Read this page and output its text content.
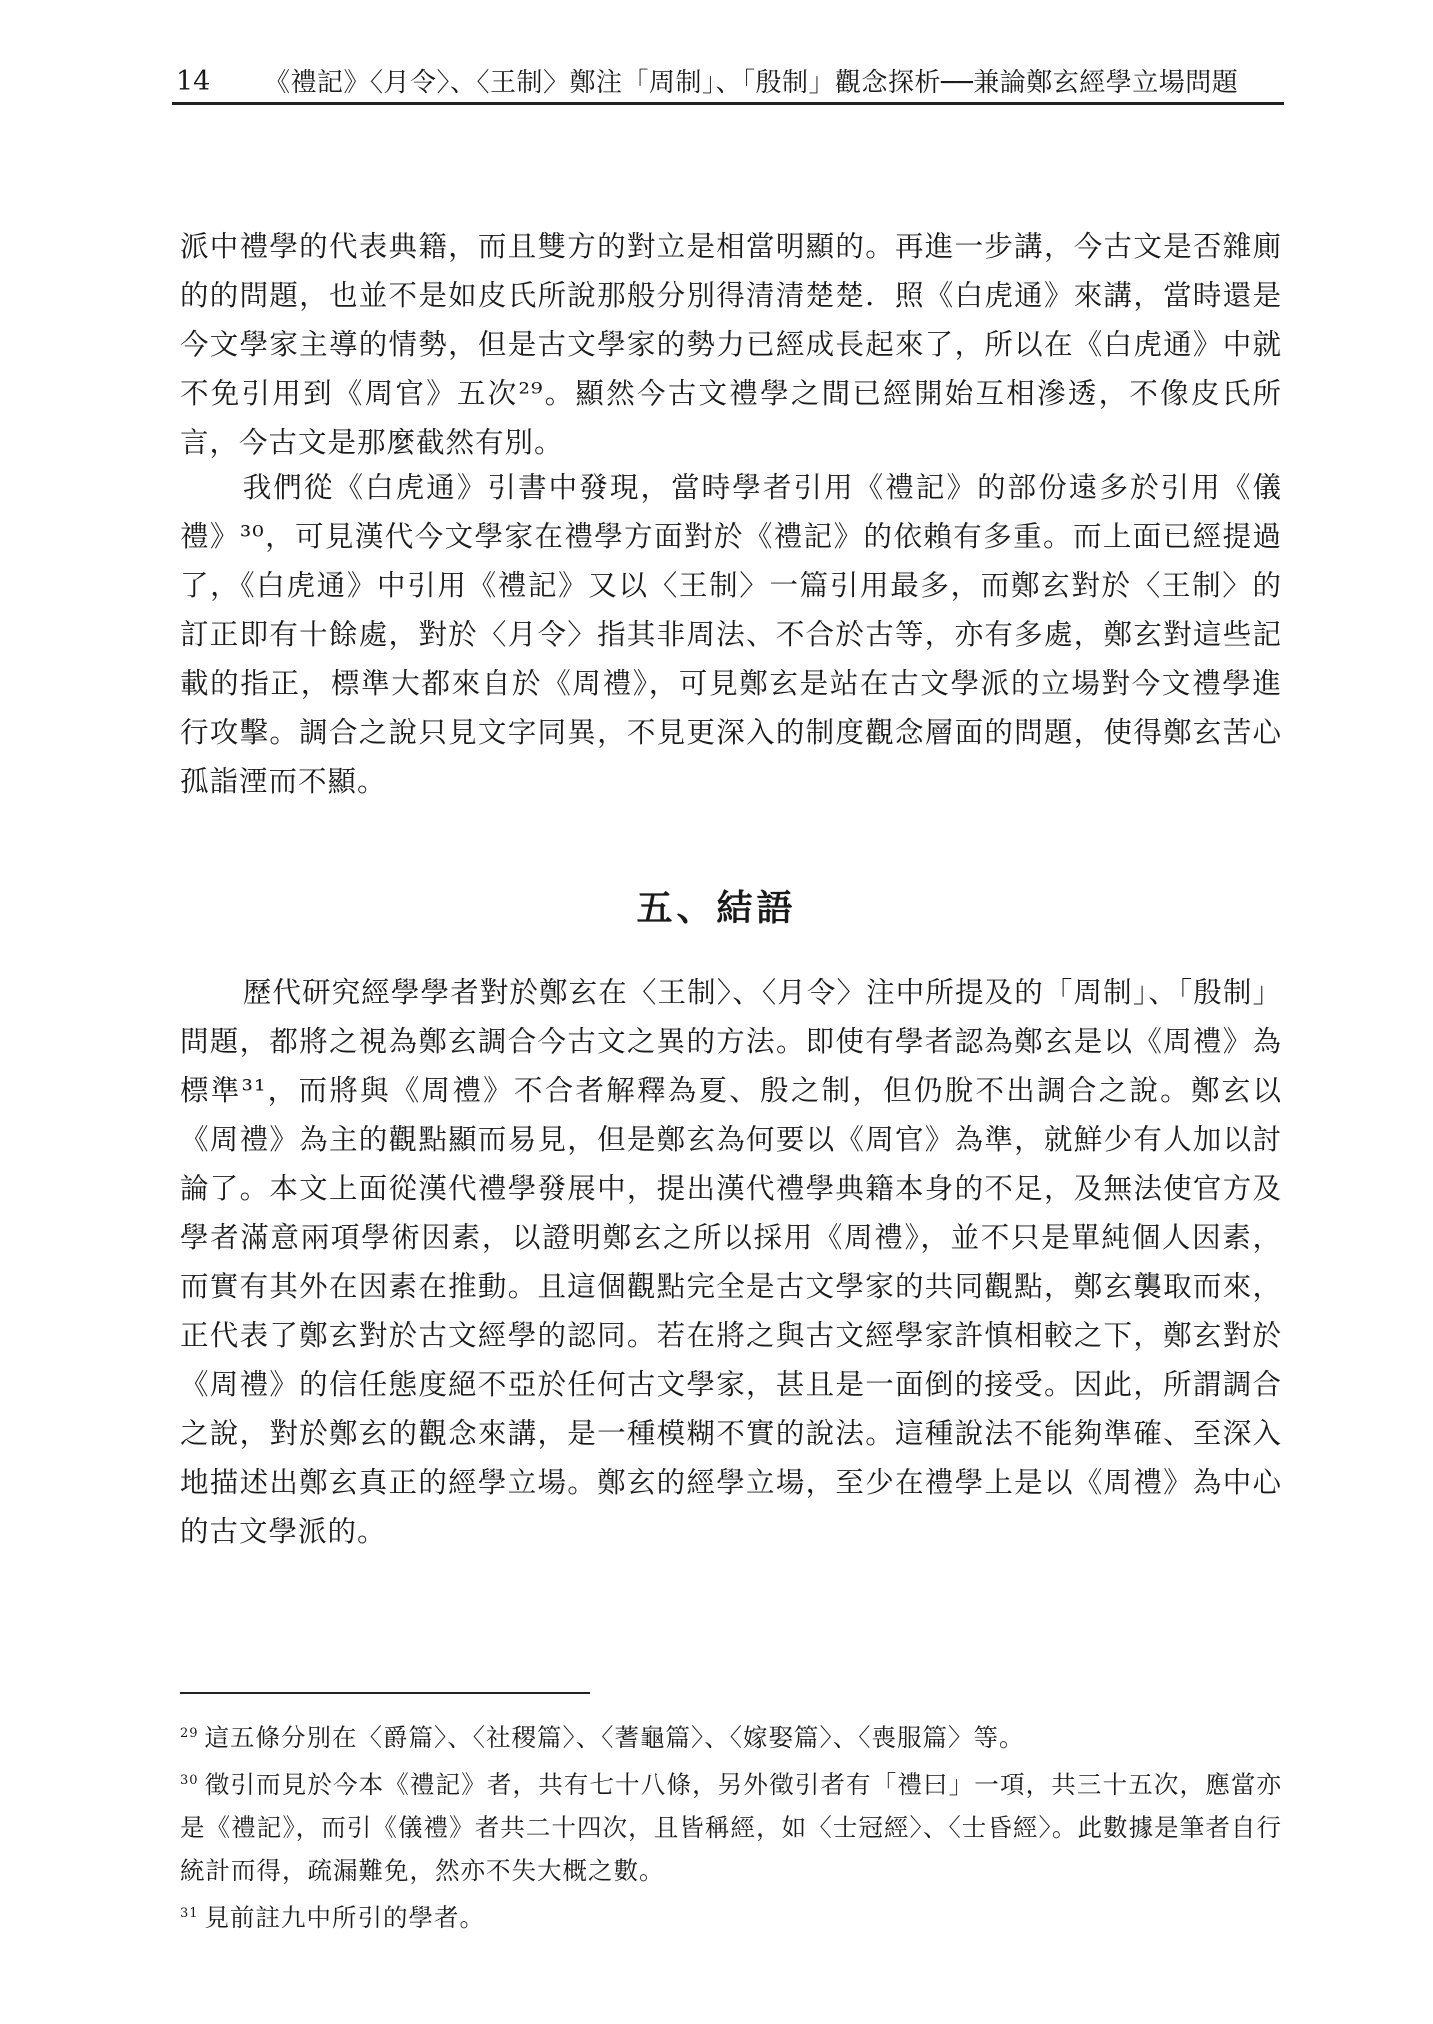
14 《禮記》〈月令〉、〈王制〉鄭注「周制」、「殷制」觀念探析──兼論鄭玄經學立場問題
派中禮學的代表典籍，而且雙方的對立是相當明顯的。再進一步講，今古文是否雜廁的的問題，也並不是如皮氏所說那般分別得清清楚楚．照《白虎通》來講，當時還是今文學家主導的情勢，但是古文學家的勢力已經成長起來了，所以在《白虎通》中就不免引用到《周官》五次²⁹。顯然今古文禮學之間已經開始互相滲透，不像皮氏所言，今古文是那麼截然有別。
我們從《白虎通》引書中發現，當時學者引用《禮記》的部份遠多於引用《儀禮》³⁰，可見漢代今文學家在禮學方面對於《禮記》的依賴有多重。而上面已經提過了，《白虎通》中引用《禮記》又以〈王制〉一篇引用最多，而鄭玄對於〈王制〉的訂正即有十餘處，對於〈月令〉指其非周法、不合於古等，亦有多處，鄭玄對這些記載的指正，標準大都來自於《周禮》，可見鄭玄是站在古文學派的立場對今文禮學進行攻擊。調合之說只見文字同異，不見更深入的制度觀念層面的問題，使得鄭玄苦心孤詣湮而不顯。
五、結語
歷代研究經學學者對於鄭玄在〈王制〉、〈月令〉注中所提及的「周制」、「殷制」問題，都將之視為鄭玄調合今古文之異的方法。即使有學者認為鄭玄是以《周禮》為標準³¹，而將與《周禮》不合者解釋為夏、殷之制，但仍脫不出調合之說。鄭玄以《周禮》為主的觀點顯而易見，但是鄭玄為何要以《周官》為準，就鮮少有人加以討論了。本文上面從漢代禮學發展中，提出漢代禮學典籍本身的不足，及無法使官方及學者滿意兩項學術因素，以證明鄭玄之所以採用《周禮》，並不只是單純個人因素，而實有其外在因素在推動。且這個觀點完全是古文學家的共同觀點，鄭玄襲取而來，正代表了鄭玄對於古文經學的認同。若在將之與古文經學家許慎相較之下，鄭玄對於《周禮》的信任態度絕不亞於任何古文學家，甚且是一面倒的接受。因此，所謂調合之說，對於鄭玄的觀念來講，是一種模糊不實的說法。這種說法不能夠準確、至深入地描述出鄭玄真正的經學立場。鄭玄的經學立場，至少在禮學上是以《周禮》為中心的古文學派的。
$^{29}$ 這五條分別在〈爵篇〉、〈社稷篇〉、〈蓍龜篇〉、〈嫁娶篇〉、〈喪服篇〉等。
$^{30}$ 徵引而見於今本《禮記》者，共有七十八條，另外徵引者有「禮曰」一項，共三十五次，應當亦是《禮記》，而引《儀禮》者共二十四次，且皆稱經，如〈士冠經〉、〈士昏經〉。此數據是筆者自行統計而得，疏漏難免，然亦不失大概之數。
$^{31}$ 見前註九中所引的學者。
